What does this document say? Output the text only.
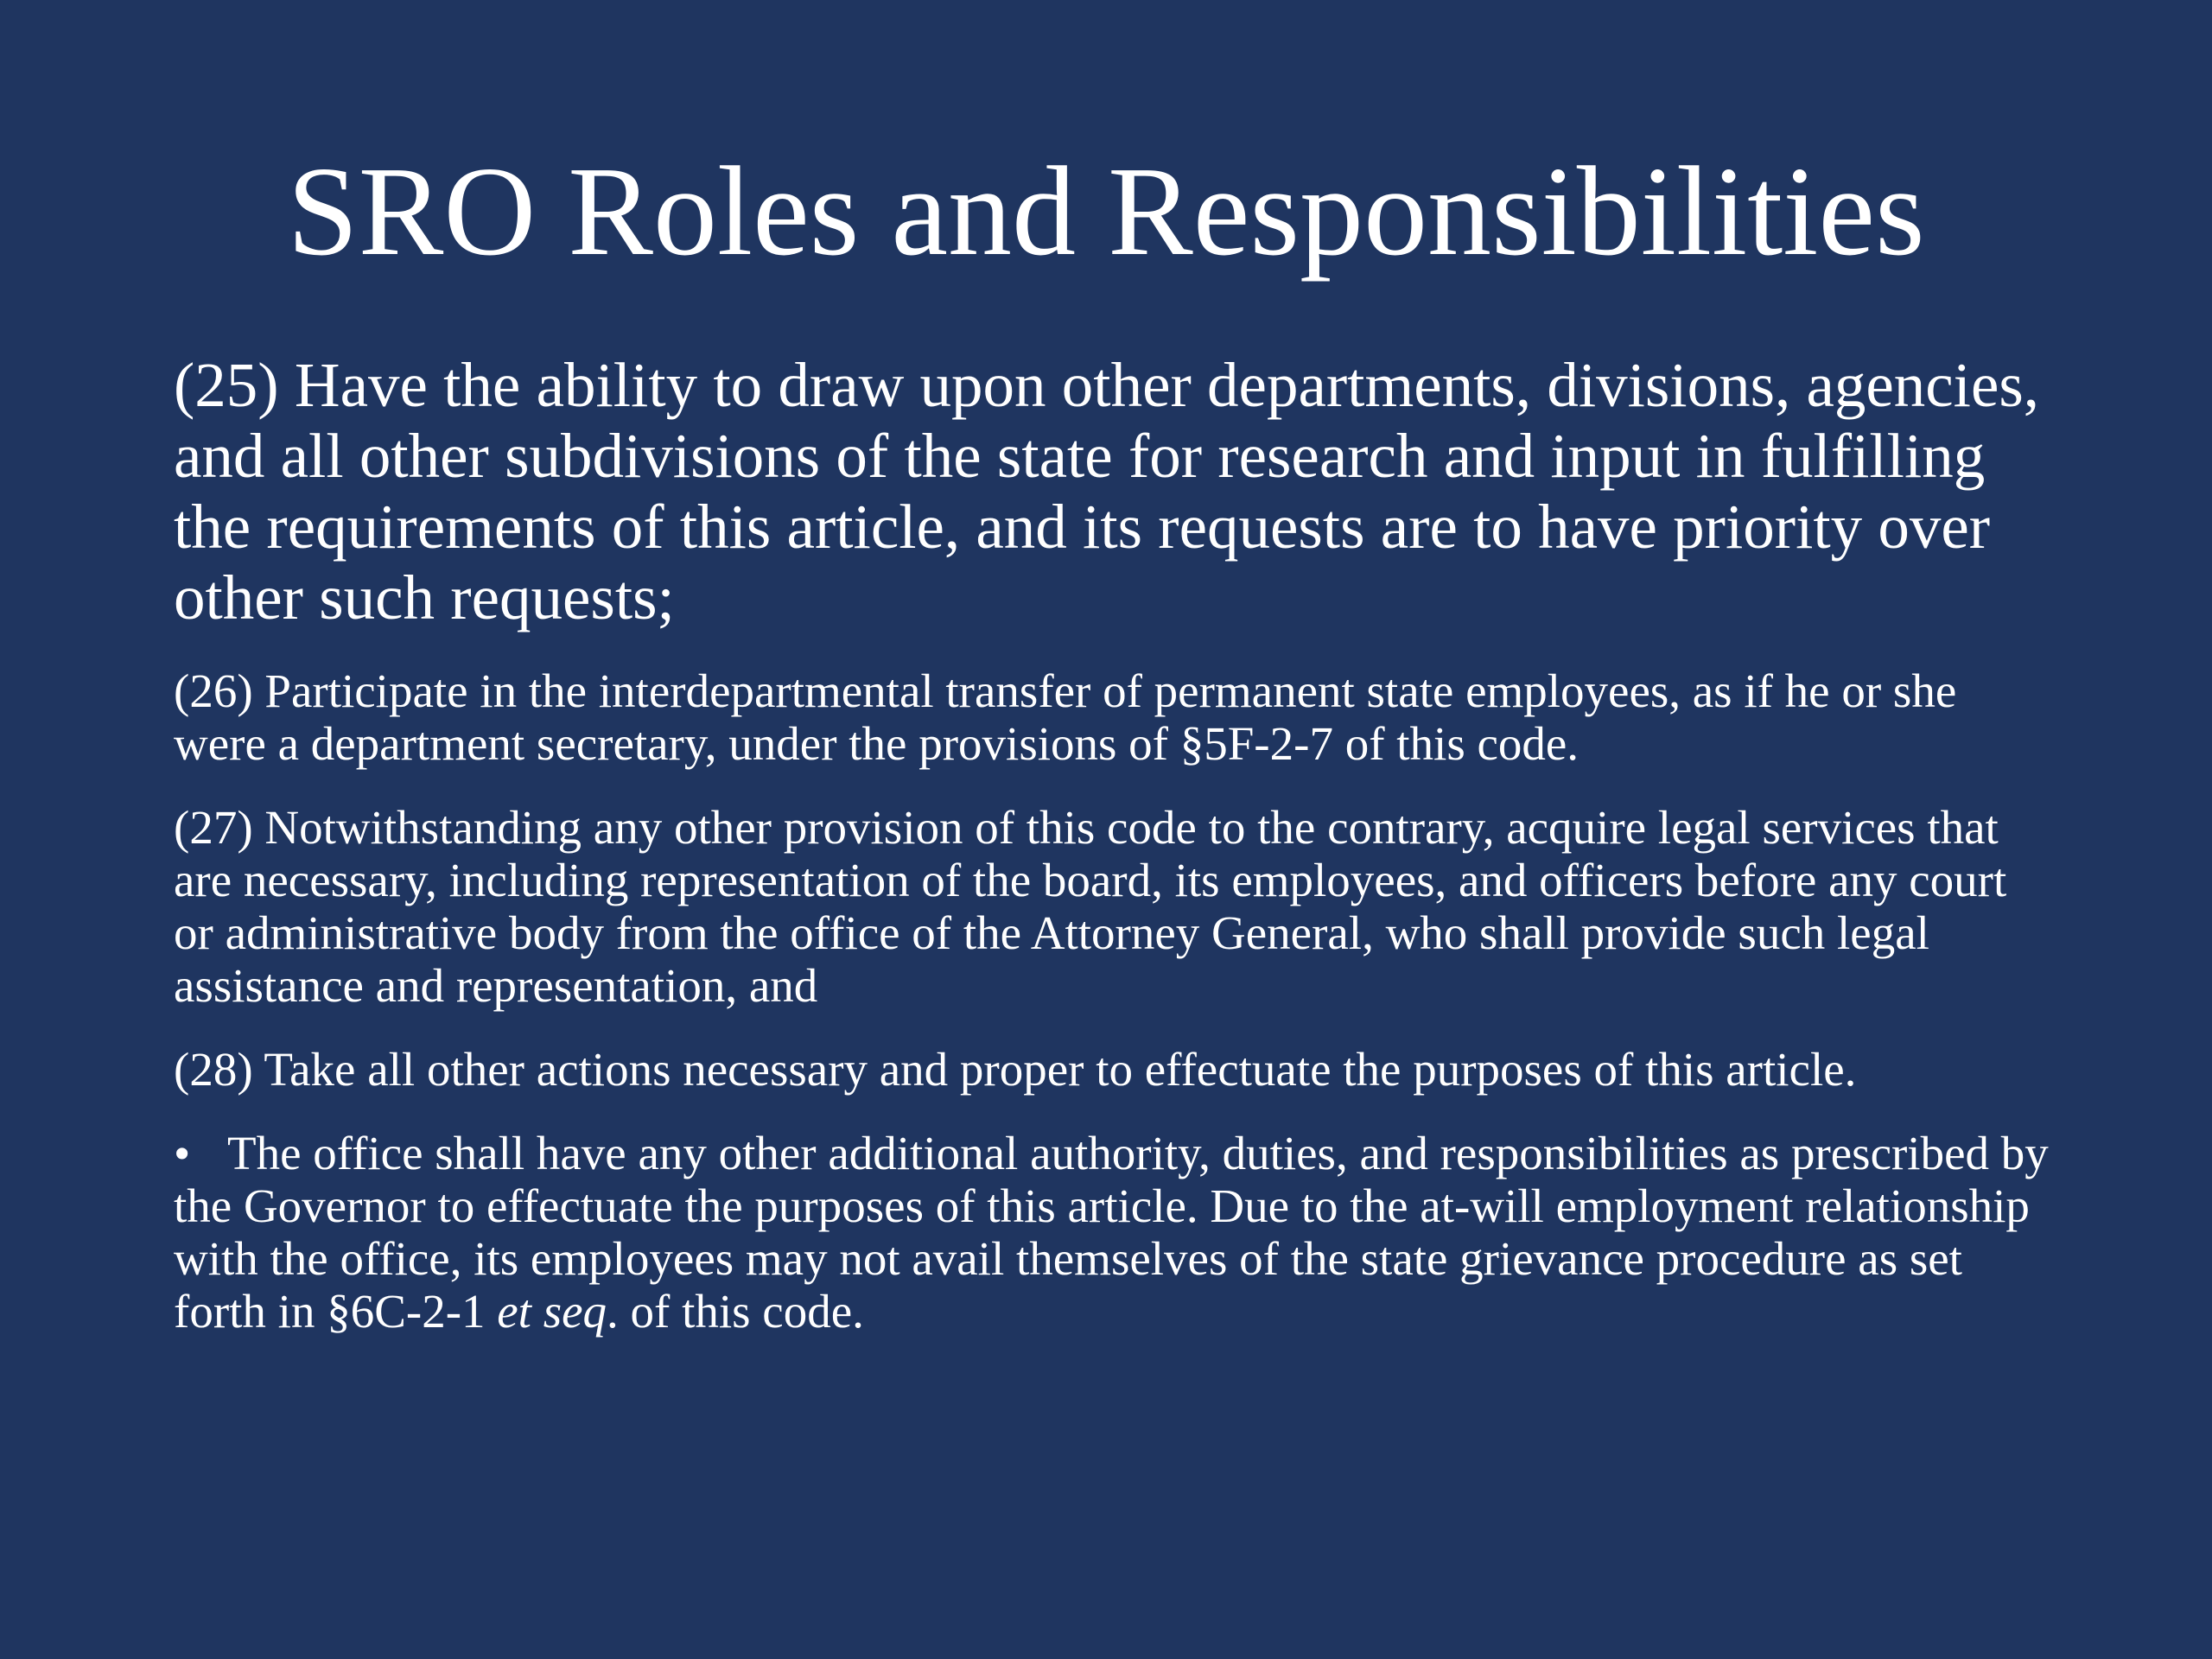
SRO Roles and Responsibilities

(25) Have the ability to draw upon other departments, divisions, agencies, and all other subdivisions of the state for research and input in fulfilling the requirements of this article, and its requests are to have priority over other such requests;

(26) Participate in the interdepartmental transfer of permanent state employees, as if he or she were a department secretary, under the provisions of §5F-2-7 of this code.

(27) Notwithstanding any other provision of this code to the contrary, acquire legal services that are necessary, including representation of the board, its employees, and officers before any court or administrative body from the office of the Attorney General, who shall provide such legal assistance and representation, and

(28) Take all other actions necessary and proper to effectuate the purposes of this article.

• The office shall have any other additional authority, duties, and responsibilities as prescribed by the Governor to effectuate the purposes of this article. Due to the at-will employment relationship with the office, its employees may not avail themselves of the state grievance procedure as set forth in §6C-2-1 et seq. of this code.
